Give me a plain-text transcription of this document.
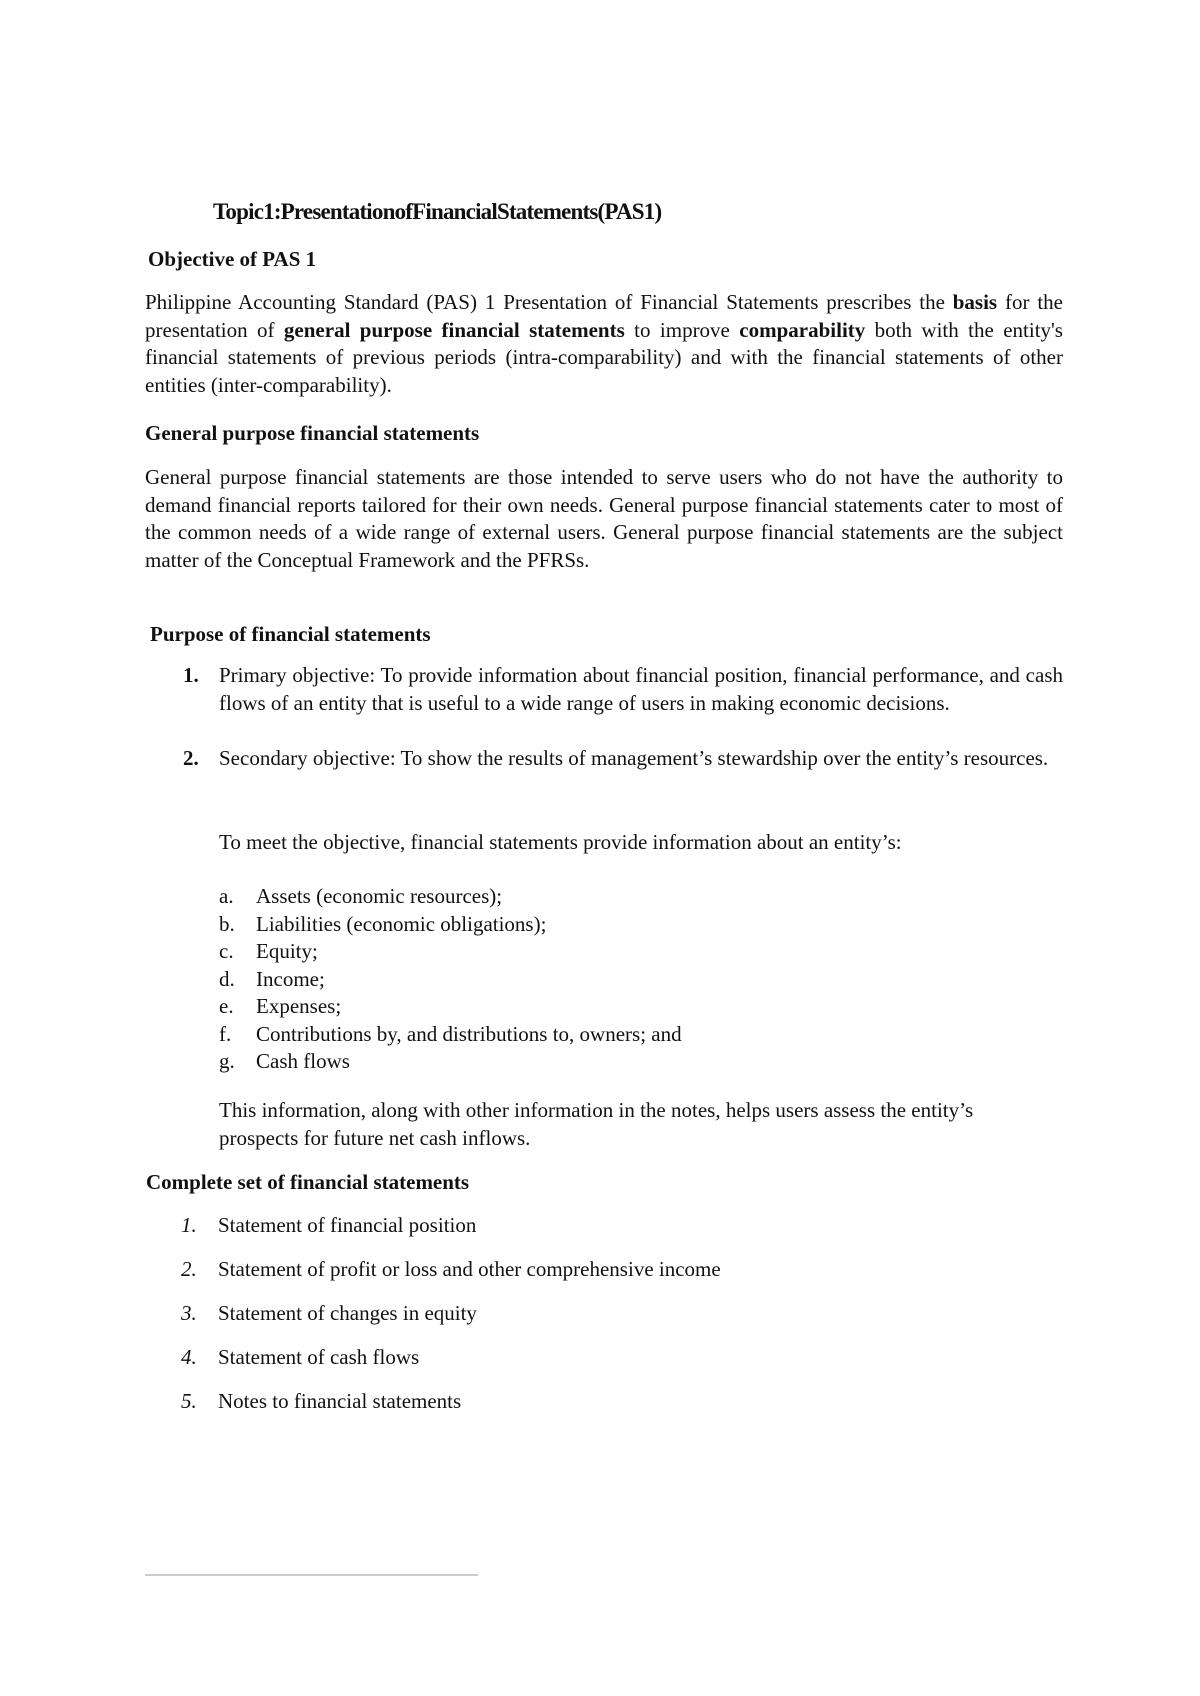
Topic1:PresentationofFinancialStatements(PAS1)
Objective of PAS 1

Philippine Accounting Standard (PAS) 1 Presentation of Financial Statements prescribes the basis for the presentation of general purpose financial statements to improve comparability both with the entity's financial statements of previous periods (intra-comparability) and with the financial statements of other entities (inter-comparability).

General purpose financial statements

General purpose financial statements are those intended to serve users who do not have the authority to demand financial reports tailored for their own needs. General purpose financial statements cater to most of the common needs of a wide range of external users. General purpose financial statements are the subject matter of the Conceptual Framework and the PFRSs.

Purpose of financial statements
1. Primary objective: To provide information about financial position, financial performance, and cash flows of an entity that is useful to a wide range of users in making economic decisions.
2. Secondary objective: To show the results of management’s stewardship over the entity’s resources.

To meet the objective, financial statements provide information about an entity’s:

a. Assets (economic resources);
b. Liabilities (economic obligations);
c. Equity;
d. Income;
e. Expenses;
f. Contributions by, and distributions to, owners; and
g. Cash flows

This information, along with other information in the notes, helps users assess the entity’s prospects for future net cash inflows.

Complete set of financial statements
1. Statement of financial position
2. Statement of profit or loss and other comprehensive income
3. Statement of changes in equity
4. Statement of cash flows
5. Notes to financial statements
